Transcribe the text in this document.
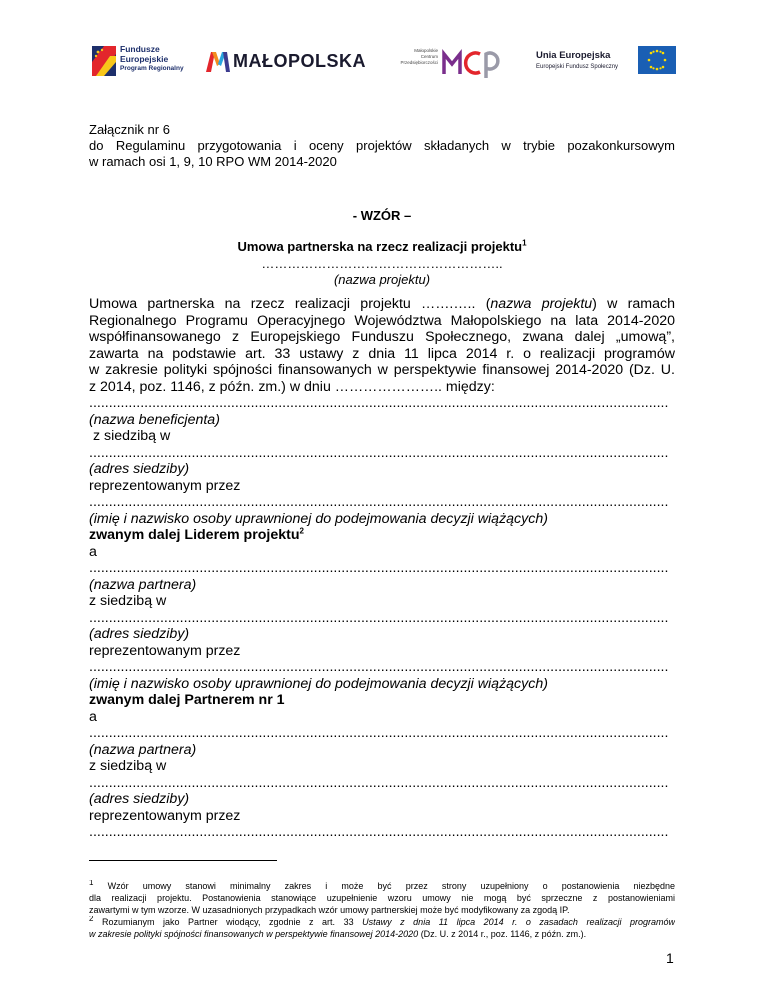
Fundusze
Europejskie
Program Regionalny	MAŁOPOLSKA
Małopolskie
Centrum
Przedsiębiorczości
Unia Europejska
Europejski Fundusz Społeczny
Załącznik nr 6
do Regulaminu przygotowania i oceny projektów składanych w trybie pozakonkursowym
w ramach osi 1, 9, 10 RPO WM 2014-2020
- WZÓR –
Umowa partnerska na rzecz realizacji projektu$^1$
………………………………………………..
(nazwa projektu)
Umowa partnerska na rzecz realizacji projektu …….….. (nazwa projektu) w ramach
Regionalnego Programu Operacyjnego Województwa Małopolskiego na lata 2014-2020
współfinansowanego z Europejskiego Funduszu Społecznego, zwana dalej „umową”,
zawarta na podstawie art. 33 ustawy z dnia 11 lipca 2014 r. o realizacji programów
w zakresie polityki spójności finansowanych w perspektywie finansowej 2014-2020 (Dz. U.
z 2014, poz. 1146, z późn. zm.) w dniu ………………….. między:
...................................................................................................................................................
(nazwa beneficjenta)
z siedzibą w
...................................................................................................................................................
(adres siedziby)
reprezentowanym przez
...................................................................................................................................................
(imię i nazwisko osoby uprawnionej do podejmowania decyzji wiążących)
zwanym dalej Liderem projektu$^2$
a
...................................................................................................................................................
(nazwa partnera)
z siedzibą w
...................................................................................................................................................
(adres siedziby)
reprezentowanym przez
...................................................................................................................................................
(imię i nazwisko osoby uprawnionej do podejmowania decyzji wiążących)
zwanym dalej Partnerem nr 1
a
...................................................................................................................................................
(nazwa partnera)
z siedzibą w
...................................................................................................................................................
(adres siedziby)
reprezentowanym przez
...................................................................................................................................................
$^1$ Wzór umowy stanowi minimalny zakres i może być przez strony uzupełniony o postanowienia niezbędne
dla realizacji projektu. Postanowienia stanowiące uzupełnienie wzoru umowy nie mogą być sprzeczne z postanowieniami
zawartymi w tym wzorze. W uzasadnionych przypadkach wzór umowy partnerskiej może być modyfikowany za zgodą IP.
$^2$ Rozumianym jako Partner wiodący, zgodnie z art. 33 Ustawy z dnia 11 lipca 2014 r. o zasadach realizacji programów
w zakresie polityki spójności finansowanych w perspektywie finansowej 2014-2020 (Dz. U. z 2014 r., poz. 1146, z późn. zm.).
1
